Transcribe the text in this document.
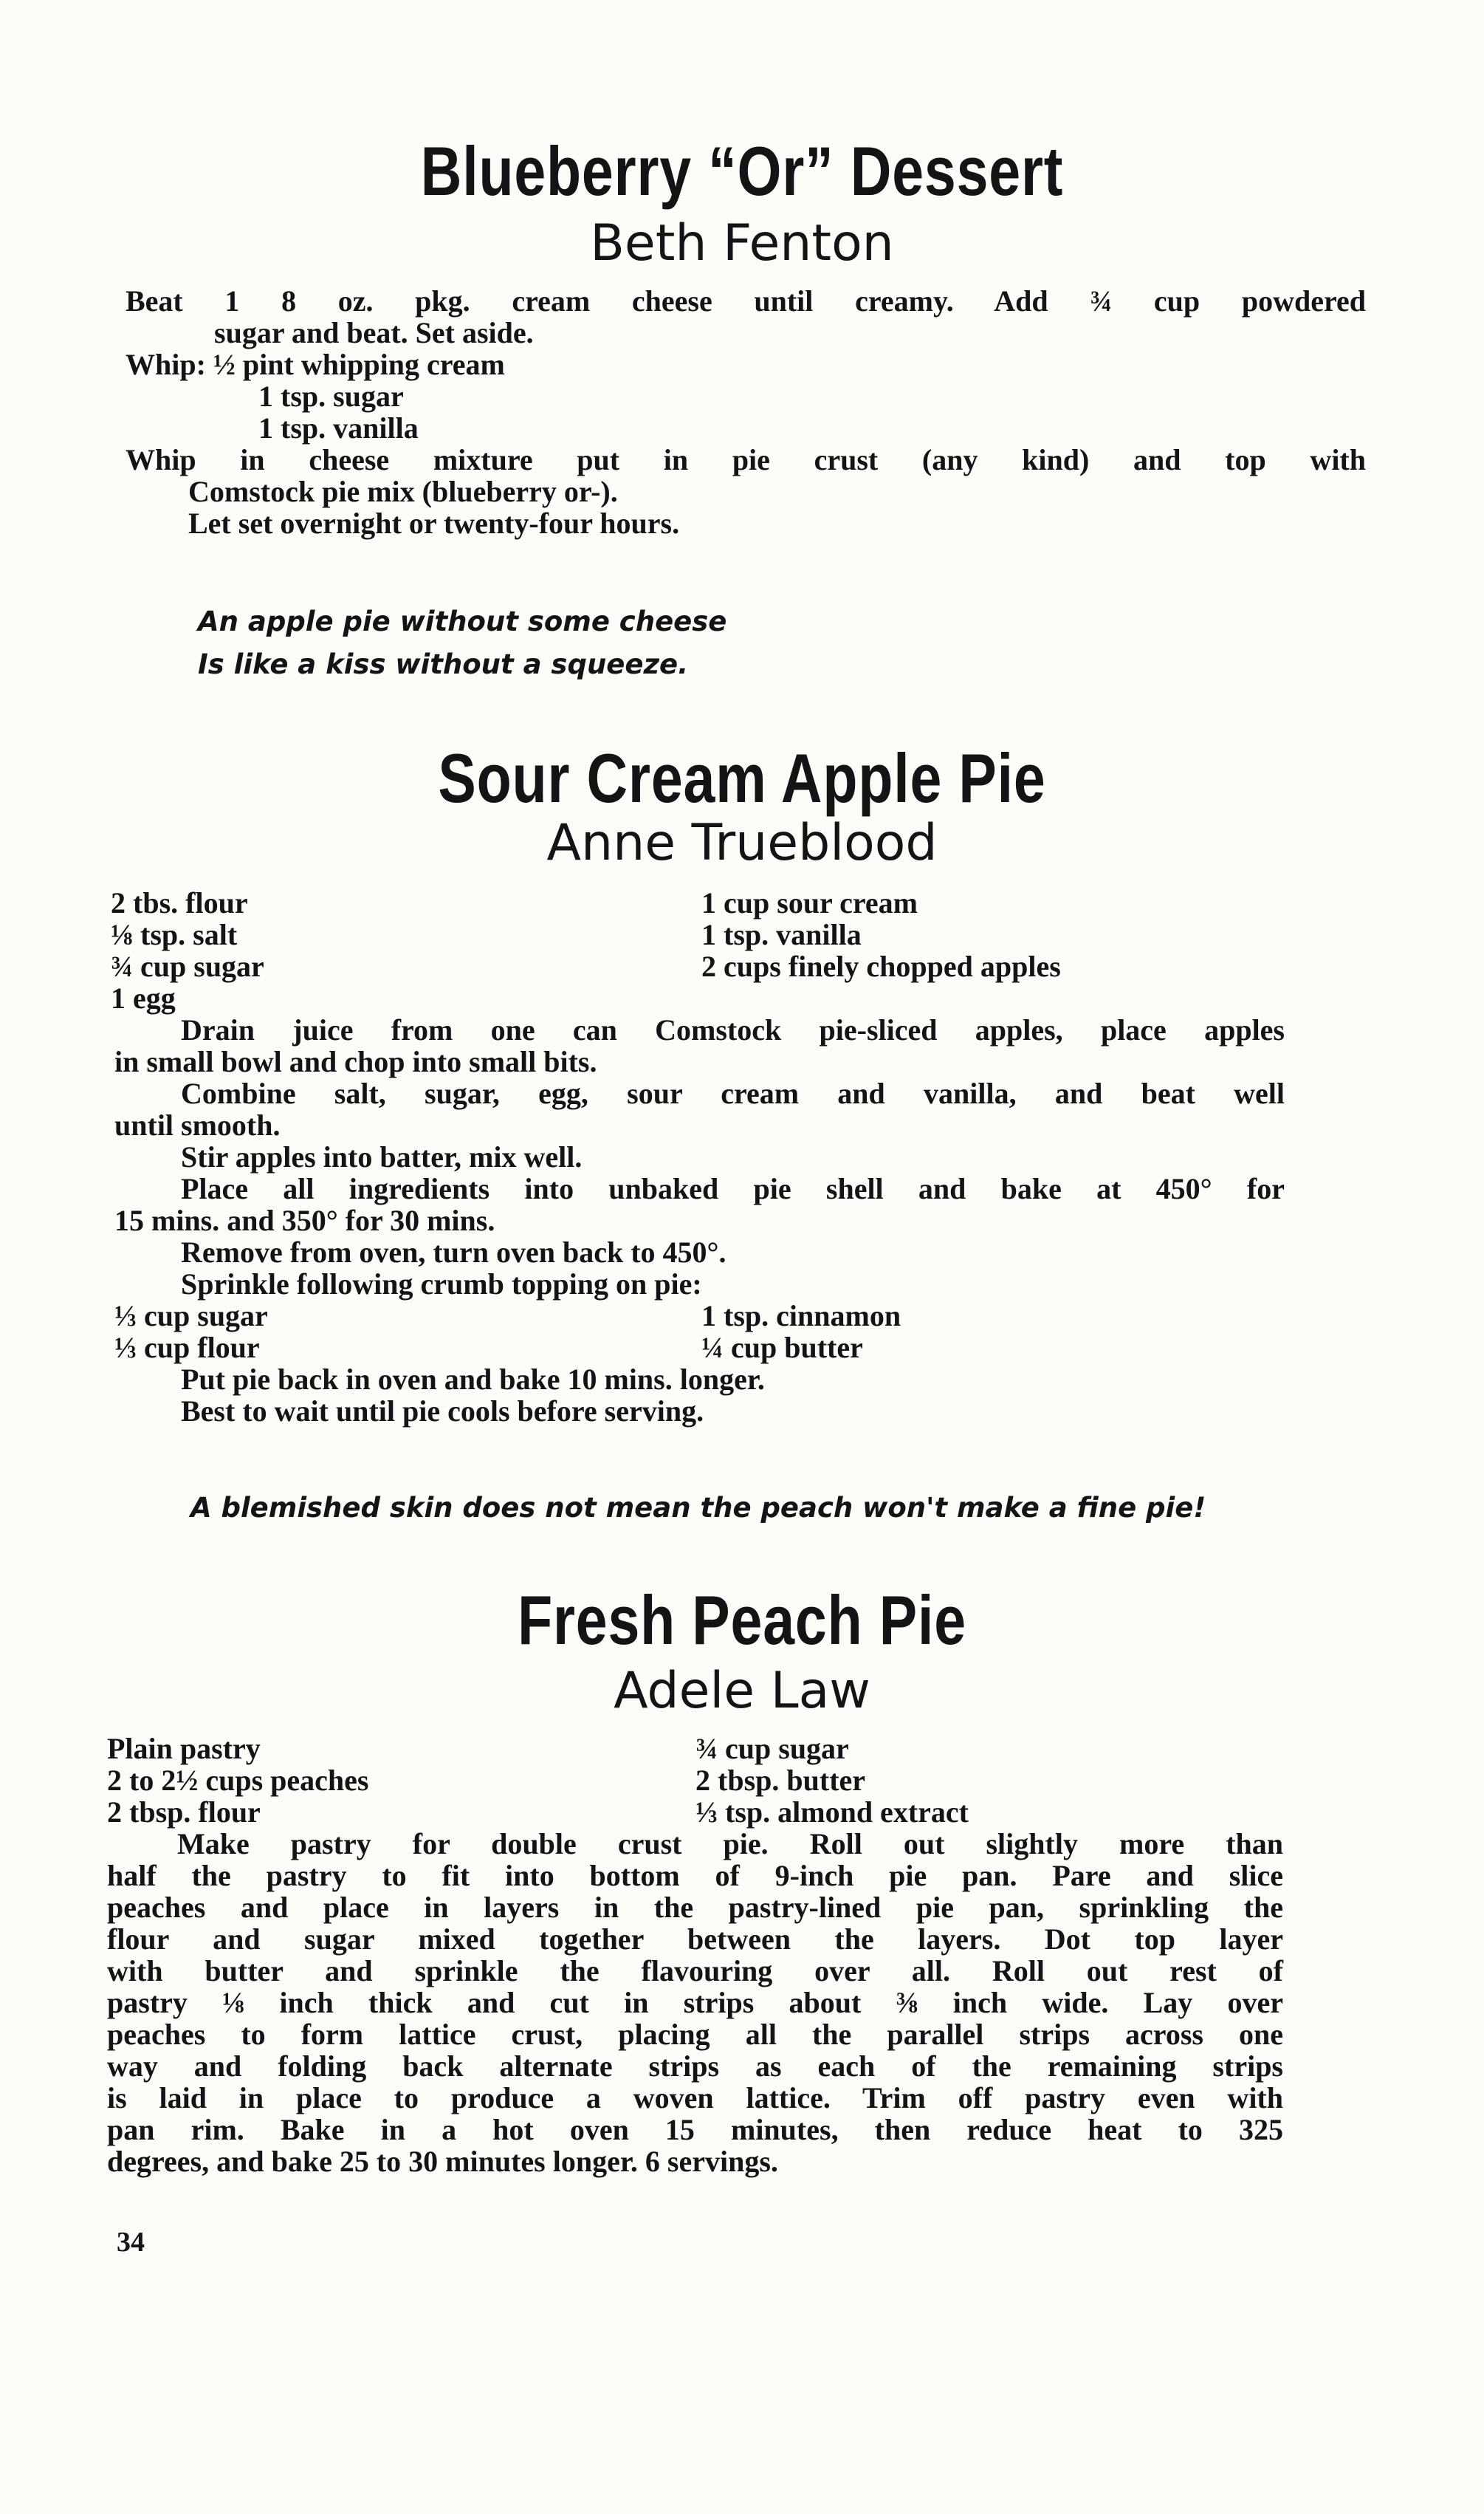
Blueberry “Or” Dessert
Beth Fenton
Beat 1 8 oz. pkg. cream cheese until creamy. Add ¾ cup powdered
sugar and beat. Set aside.
Whip: ½ pint whipping cream
1 tsp. sugar
1 tsp. vanilla
Whip in cheese mixture put in pie crust (any kind) and top with
Comstock pie mix (blueberry or-).
Let set overnight or twenty-four hours.
An apple pie without some cheese
Is like a kiss without a squeeze.
Sour Cream Apple Pie
Anne Trueblood
2 tbs. flour
⅛ tsp. salt
¾ cup sugar
1 egg
1 cup sour cream
1 tsp. vanilla
2 cups finely chopped apples
Drain juice from one can Comstock pie-sliced apples, place apples
in small bowl and chop into small bits.
Combine salt, sugar, egg, sour cream and vanilla, and beat well
until smooth.
Stir apples into batter, mix well.
Place all ingredients into unbaked pie shell and bake at 450° for
15 mins. and 350° for 30 mins.
Remove from oven, turn oven back to 450°.
Sprinkle following crumb topping on pie:
⅓ cup sugar
⅓ cup flour
1 tsp. cinnamon
¼ cup butter
Put pie back in oven and bake 10 mins. longer.
Best to wait until pie cools before serving.
A blemished skin does not mean the peach won't make a fine pie!
Fresh Peach Pie
Adele Law
Plain pastry
2 to 2½ cups peaches
2 tbsp. flour
¾ cup sugar
2 tbsp. butter
⅓ tsp. almond extract
Make pastry for double crust pie. Roll out slightly more than
half the pastry to fit into bottom of 9-inch pie pan. Pare and slice
peaches and place in layers in the pastry-lined pie pan, sprinkling the
flour and sugar mixed together between the layers. Dot top layer
with butter and sprinkle the flavouring over all. Roll out rest of
pastry ⅛ inch thick and cut in strips about ⅜ inch wide. Lay over
peaches to form lattice crust, placing all the parallel strips across one
way and folding back alternate strips as each of the remaining strips
is laid in place to produce a woven lattice. Trim off pastry even with
pan rim. Bake in a hot oven 15 minutes, then reduce heat to 325
degrees, and bake 25 to 30 minutes longer. 6 servings.
34
